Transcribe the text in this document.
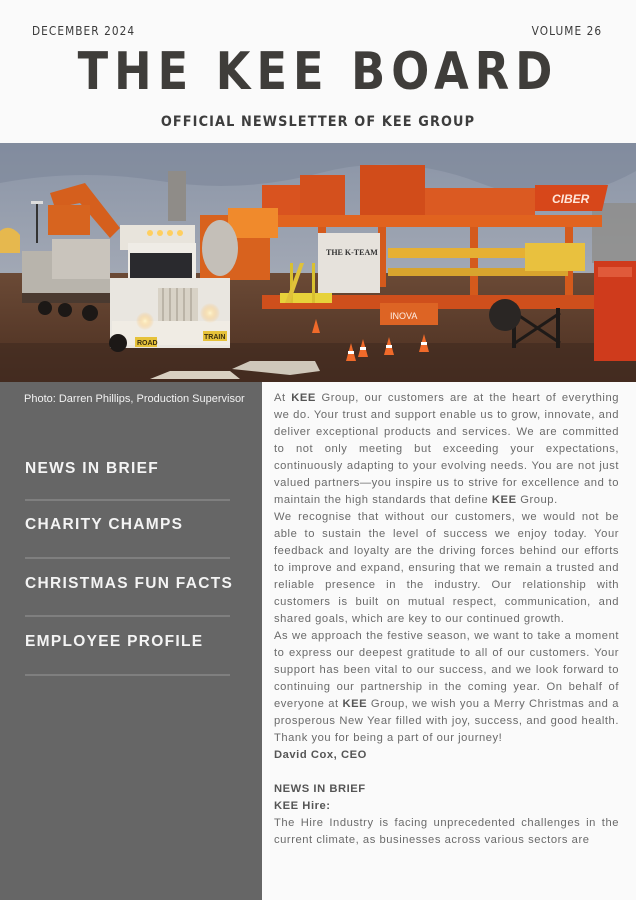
DECEMBER 2024	VOLUME 26
THE KEE BOARD
OFFICIAL NEWSLETTER OF KEE GROUP
CIBER
INOVA
THE K-TEAM
ROAD
TRAIN
Photo: Darren Phillips, Production Supervisor
NEWS IN BRIEF
CHARITY CHAMPS
CHRISTMAS FUN FACTS
EMPLOYEE PROFILE

At KEE Group, our customers are at the heart of everything we do. Your trust and support enable us to grow, innovate, and deliver exceptional products and services. We are committed to not only meeting but exceeding your expectations, continuously adapting to your evolving needs. You are not just valued partners—you inspire us to strive for excellence and to maintain the high standards that define KEE Group.

We recognise that without our customers, we would not be able to sustain the level of success we enjoy today. Your feedback and loyalty are the driving forces behind our efforts to improve and expand, ensuring that we remain a trusted and reliable presence in the industry. Our relationship with customers is built on mutual respect, communication, and shared goals, which are key to our continued growth.

As we approach the festive season, we want to take a moment to express our deepest gratitude to all of our customers. Your support has been vital to our success, and we look forward to continuing our partnership in the coming year. On behalf of everyone at KEE Group, we wish you a Merry Christmas and a prosperous New Year filled with joy, success, and good health. Thank you for being a part of our journey!

David Cox, CEO

NEWS IN BRIEF

KEE Hire:

The Hire Industry is facing unprecedented challenges in the current climate, as businesses across various sectors are
